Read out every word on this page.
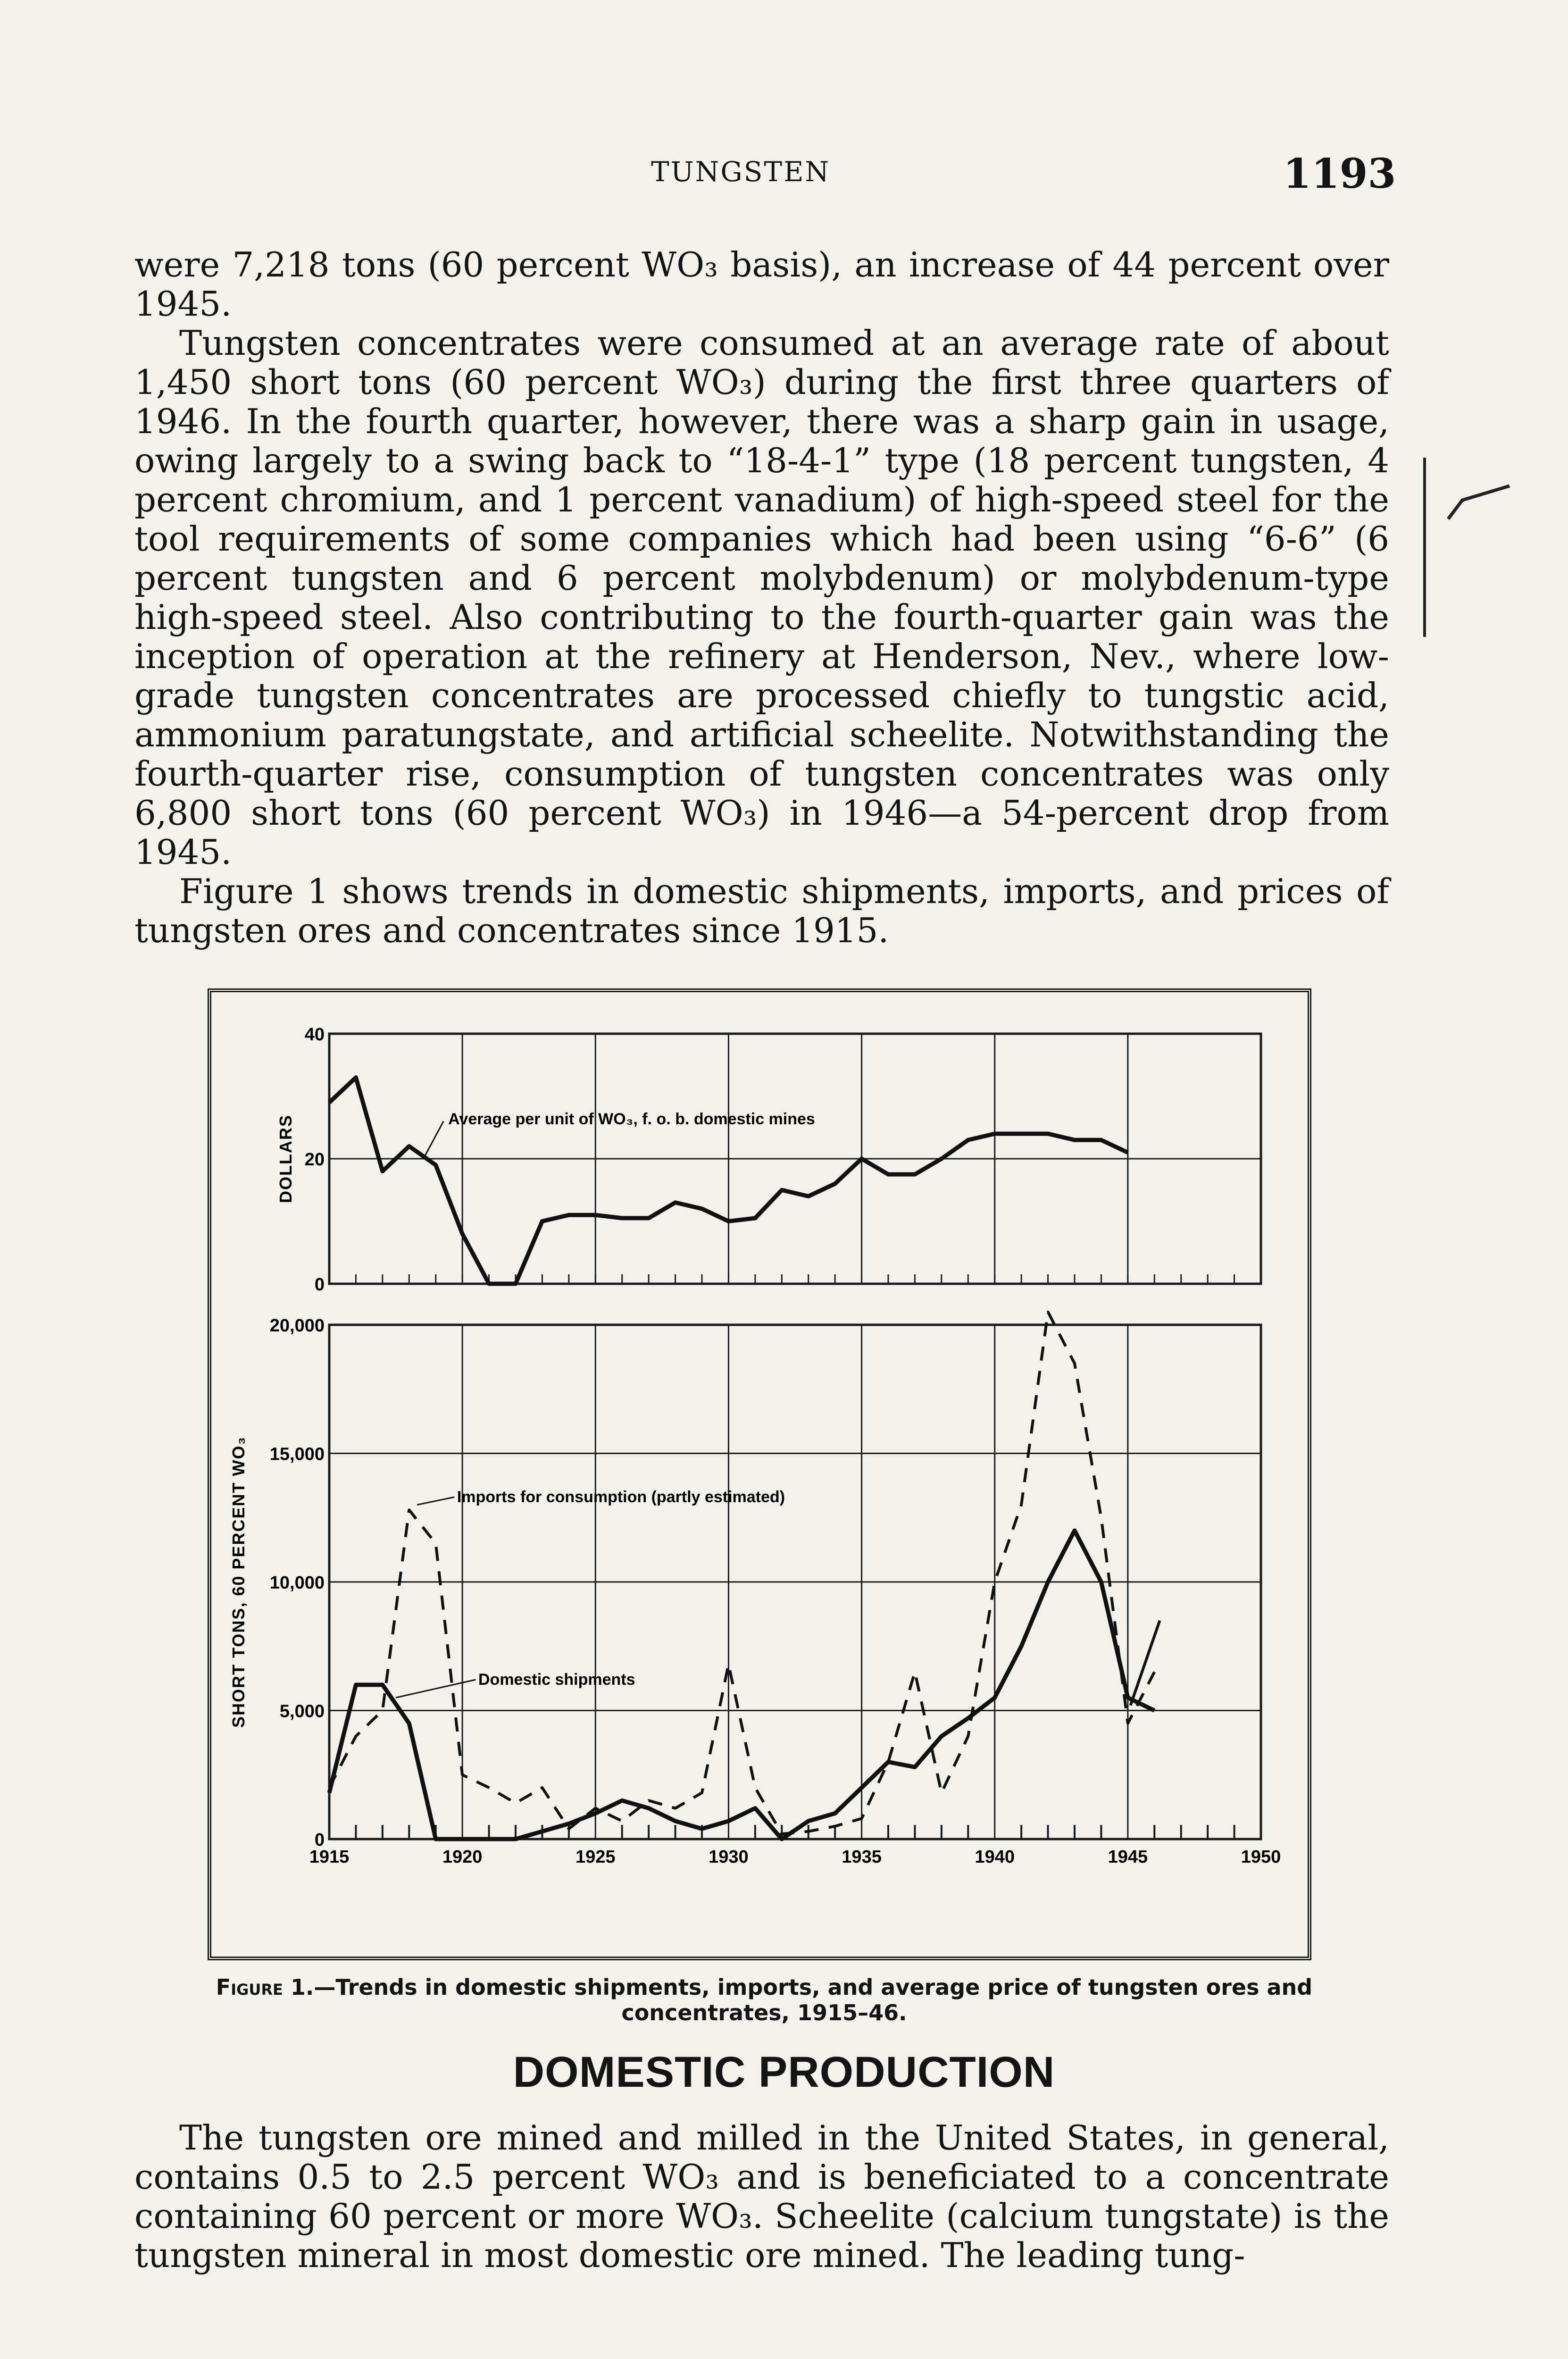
TUNGSTEN	1193

were 7,218 tons (60 percent WO₃ basis), an increase of 44 percent over 1945.

Tungsten concentrates were consumed at an average rate of about 1,450 short tons (60 percent WO₃) during the first three quarters of 1946. In the fourth quarter, however, there was a sharp gain in usage, owing largely to a swing back to “18-4-1” type (18 percent tungsten, 4 percent chromium, and 1 percent vanadium) of high-speed steel for the tool requirements of some companies which had been using “6-6” (6 percent tungsten and 6 percent molybdenum) or molybdenum-type high-speed steel. Also contributing to the fourth-quarter gain was the inception of operation at the refinery at Henderson, Nev., where low-grade tungsten concentrates are processed chiefly to tungstic acid, ammonium paratungstate, and artificial scheelite. Notwithstanding the fourth-quarter rise, consumption of tungsten concentrates was only 6,800 short tons (60 percent WO₃) in 1946—a 54-percent drop from 1945.

Figure 1 shows trends in domestic shipments, imports, and prices of tungsten ores and concentrates since 1915.

0
20
40
DOLLARS	Average per unit of WO₃, f. o. b. domestic mines
0
5,000
10,000
15,000
20,000
SHORT TONS, 60 PERCENT WO₃
1915	1920	1925	1930	1935	1940	1945	1950
Imports for consumption (partly estimated)
Domestic shipments
Figure 1.—Trends in domestic shipments, imports, and average price of tungsten ores and concentrates, 1915–46.
DOMESTIC PRODUCTION

The tungsten ore mined and milled in the United States, in general, contains 0.5 to 2.5 percent WO₃ and is beneficiated to a concentrate containing 60 percent or more WO₃. Scheelite (calcium tungstate) is the tungsten mineral in most domestic ore mined. The leading tung-
